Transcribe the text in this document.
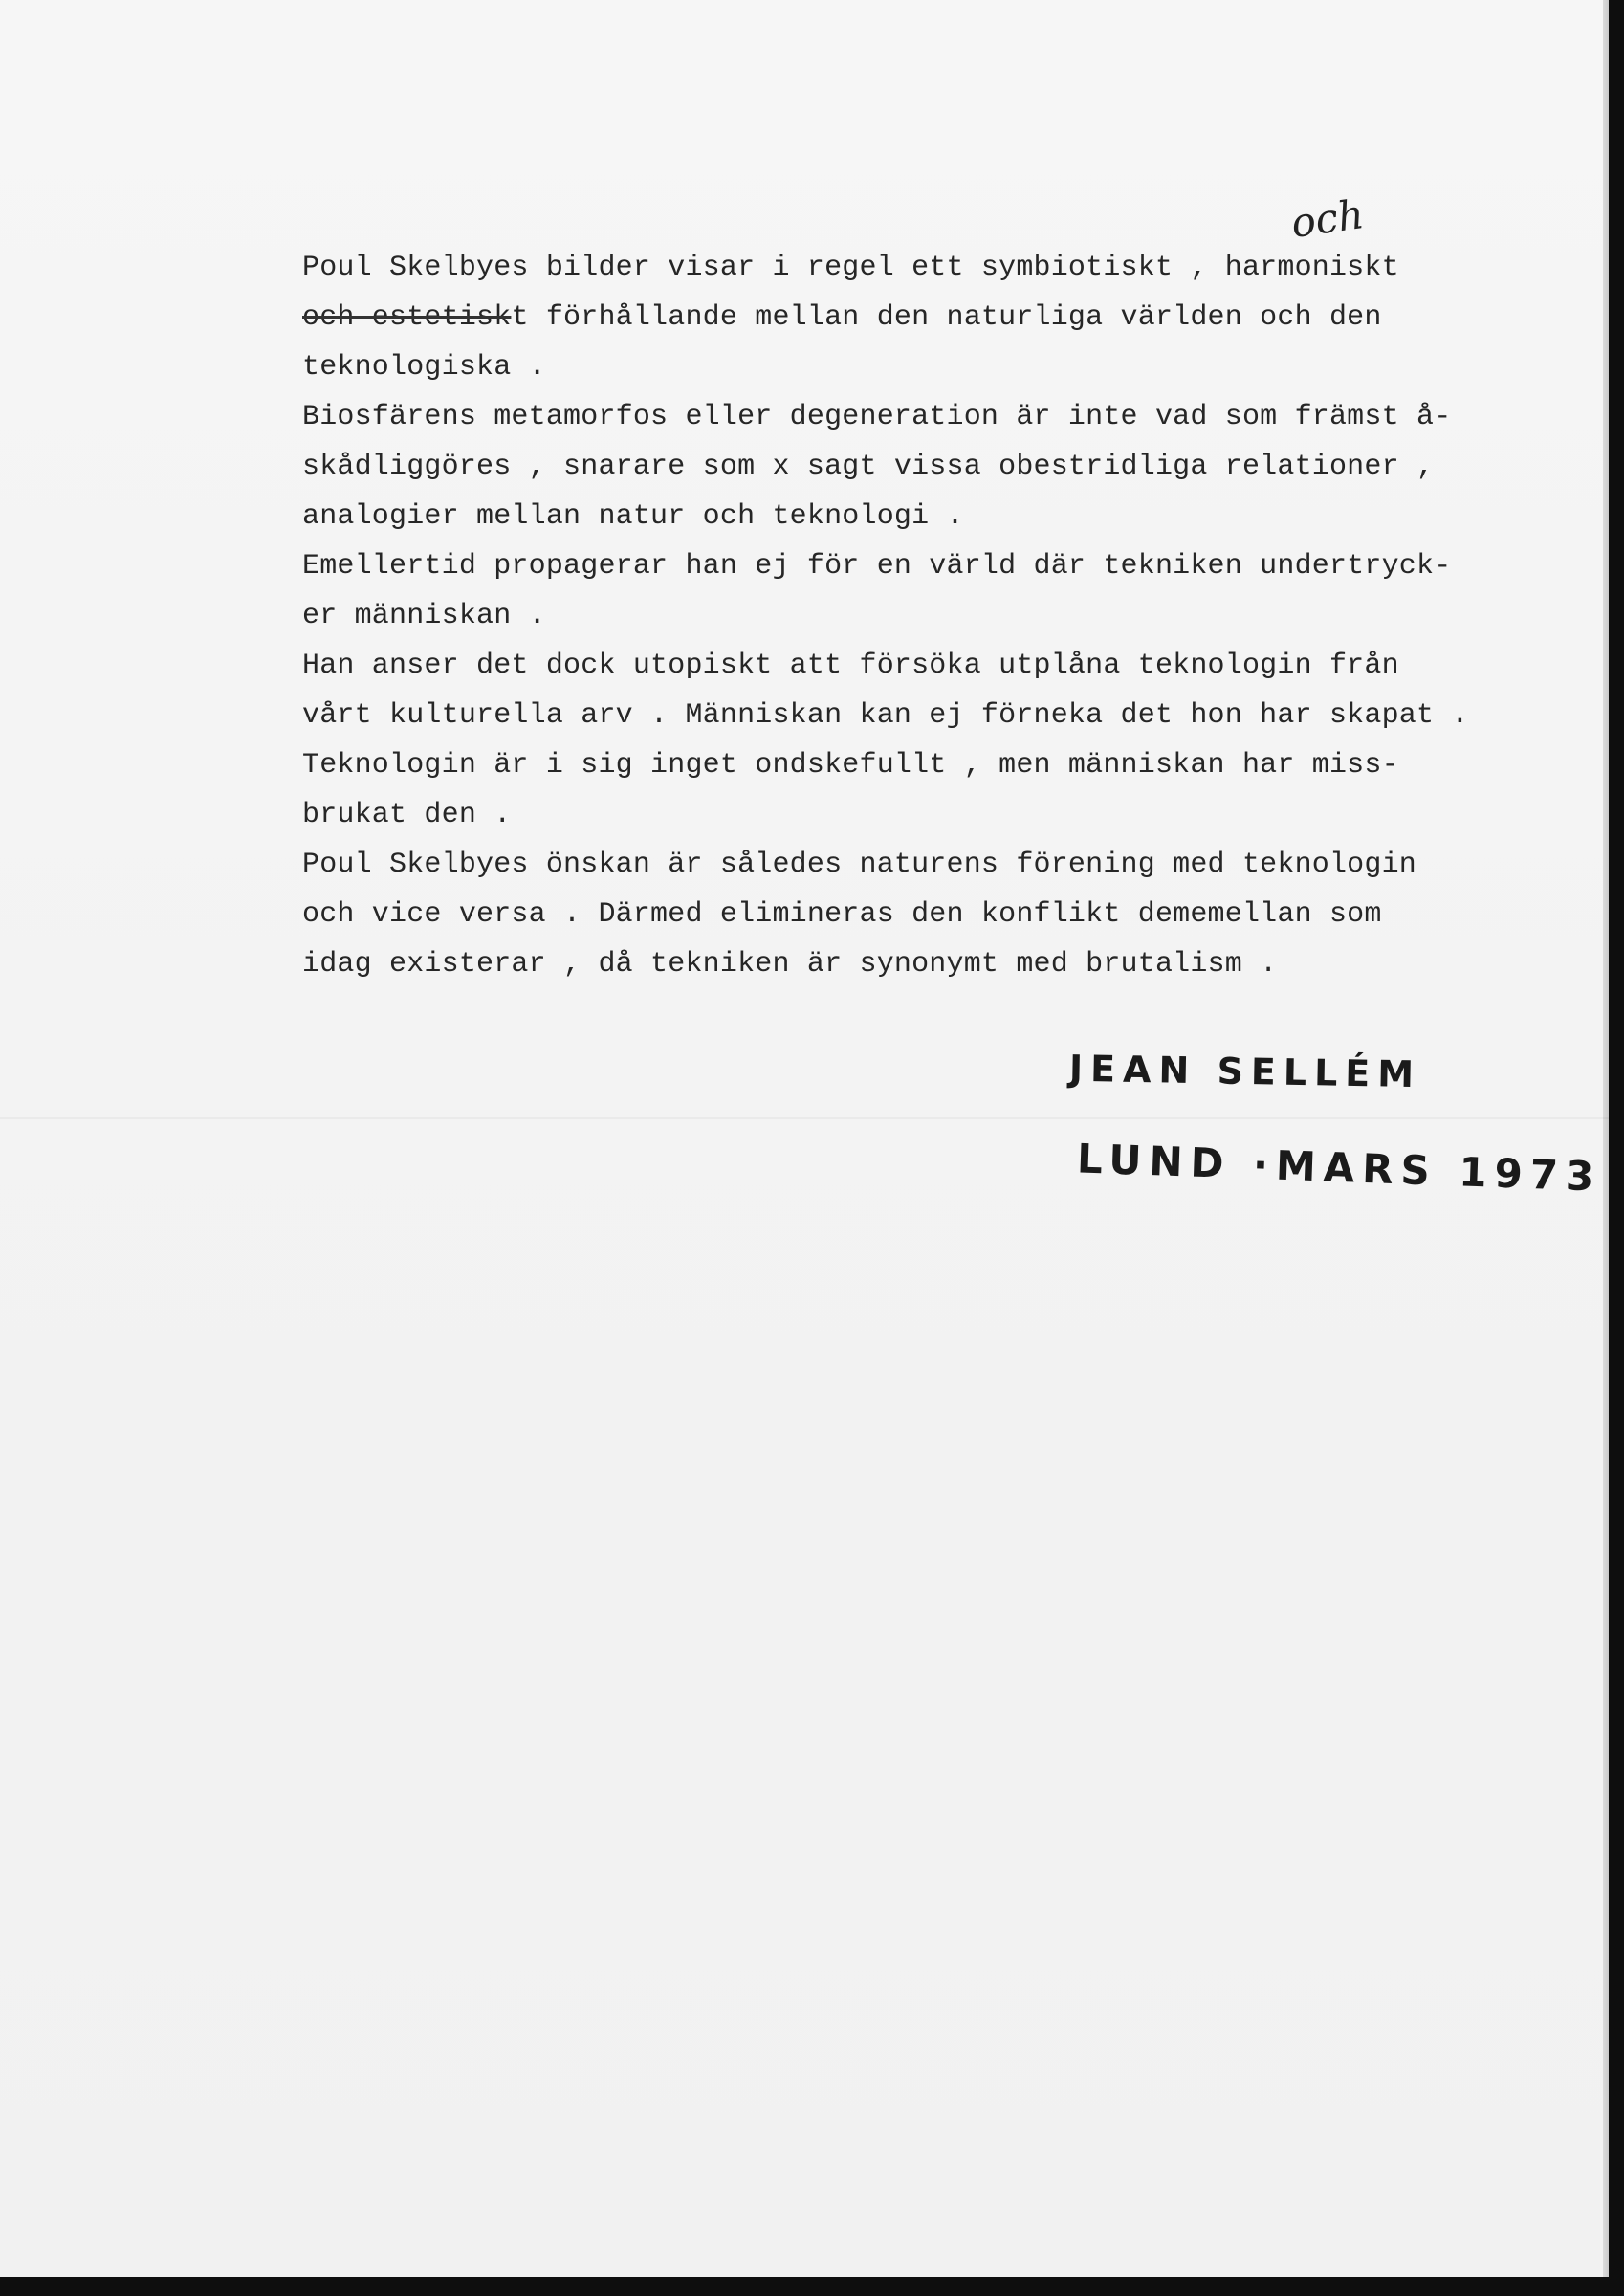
och
Poul Skelbyes bilder visar i regel ett symbiotiskt , harmoniskt
och estetiskt förhållande mellan den naturliga världen och den
teknologiska .
Biosfärens metamorfos eller degeneration är inte vad som främst å-
skådliggöres , snarare som x sagt vissa obestridliga relationer ,
analogier mellan natur och teknologi .
Emellertid propagerar han ej för en värld där tekniken undertryck-
er människan .
Han anser det dock utopiskt att försöka utplåna teknologin från
vårt kulturella arv . Människan kan ej förneka det hon har skapat .
Teknologin är i sig inget ondskefullt , men människan har miss-
brukat den .
Poul Skelbyes önskan är således naturens förening med teknologin
och vice versa . Därmed elimineras den konflikt dememellan som
idag existerar , då tekniken är synonymt med brutalism .
JEAN SELLÉM
LUND ·MARS 1973
